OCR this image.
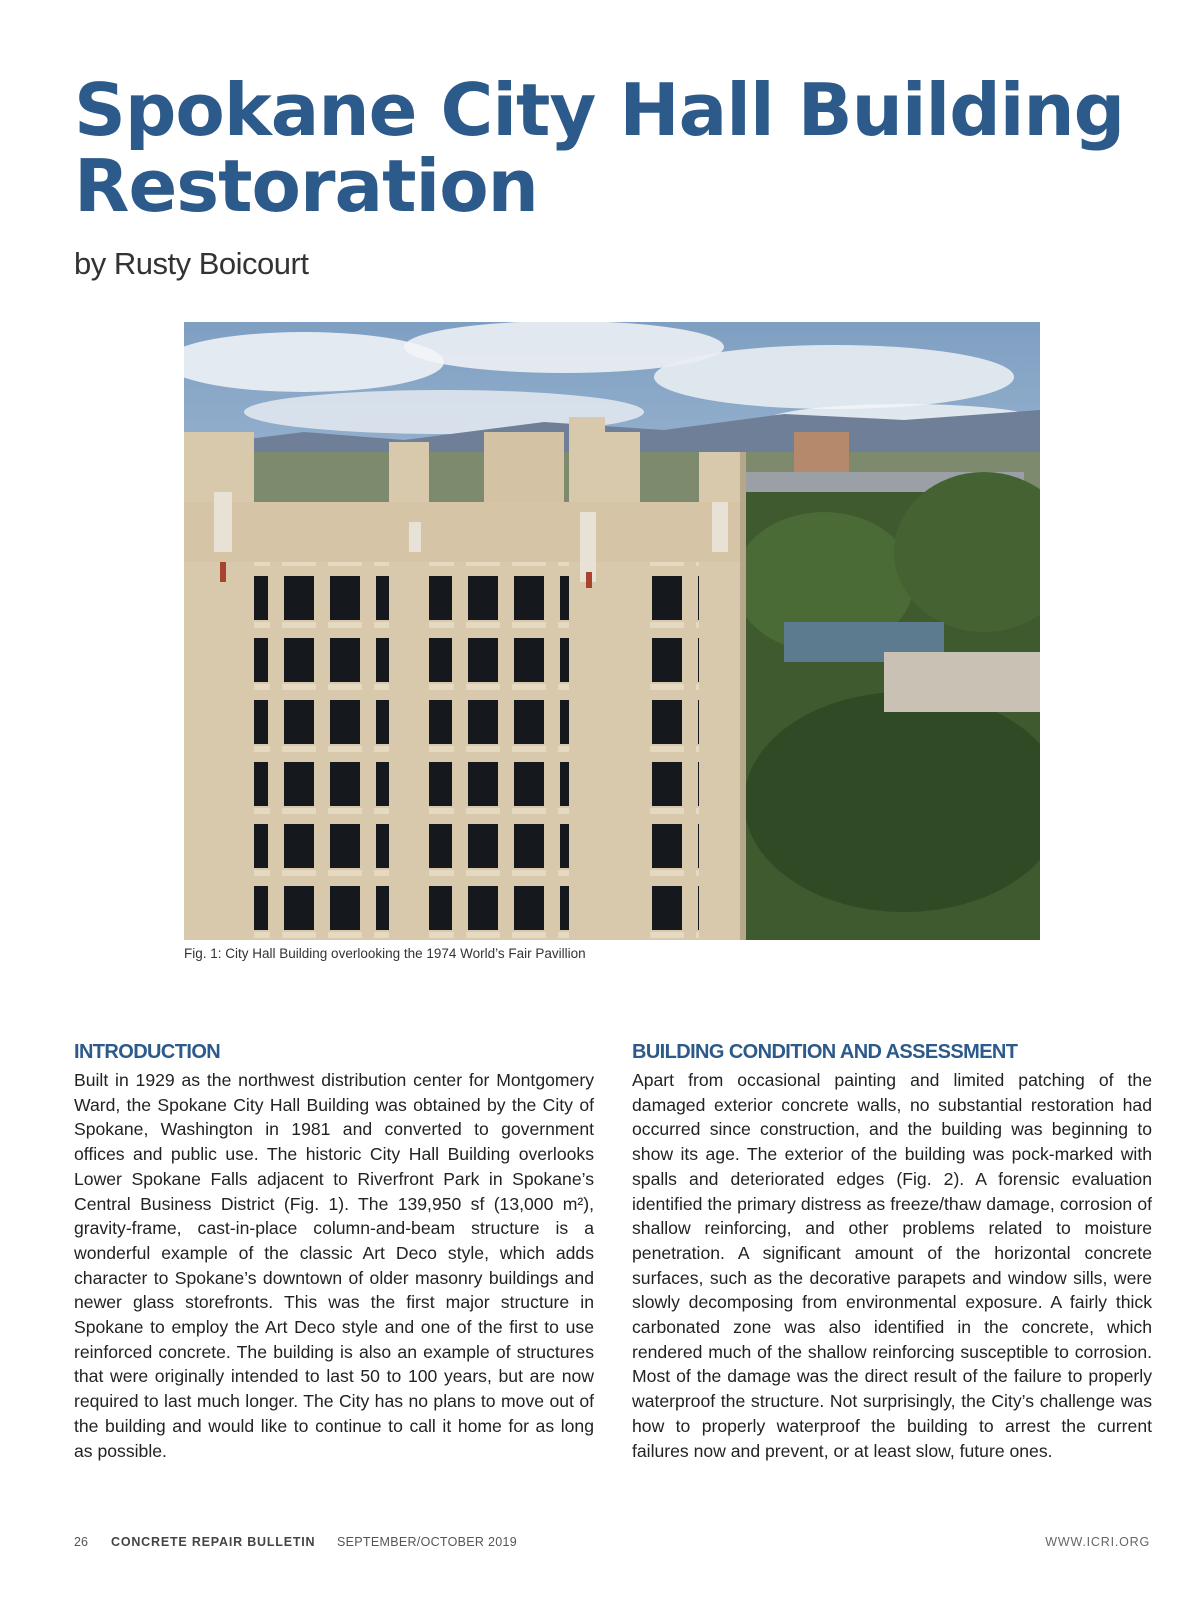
Spokane City Hall Building Restoration

by Rusty Boicourt

Fig. 1: City Hall Building overlooking the 1974 World’s Fair Pavillion

INTRODUCTION

Built in 1929 as the northwest distribution center for Montgomery Ward, the Spokane City Hall Building was obtained by the City of Spokane, Washington in 1981 and converted to government offices and public use. The historic City Hall Building overlooks Lower Spokane Falls adjacent to Riverfront Park in Spokane’s Central Business District (Fig. 1). The 139,950 sf (13,000 m²), gravity-frame, cast-in-place column-and-beam structure is a wonderful example of the classic Art Deco style, which adds character to Spokane’s downtown of older masonry buildings and newer glass storefronts. This was the first major structure in Spokane to employ the Art Deco style and one of the first to use reinforced concrete. The building is also an example of structures that were originally intended to last 50 to 100 years, but are now required to last much longer. The City has no plans to move out of the building and would like to continue to call it home for as long as possible.

BUILDING CONDITION AND ASSESSMENT

Apart from occasional painting and limited patching of the damaged exterior concrete walls, no substantial restoration had occurred since construction, and the building was beginning to show its age. The exterior of the building was pock-marked with spalls and deteriorated edges (Fig. 2). A forensic evaluation identified the primary distress as freeze/thaw damage, corrosion of shallow reinforcing, and other problems related to moisture penetration. A significant amount of the horizontal concrete surfaces, such as the decorative parapets and window sills, were slowly decomposing from environmental exposure. A fairly thick carbonated zone was also identified in the concrete, which rendered much of the shallow reinforcing susceptible to corrosion. Most of the damage was the direct result of the failure to properly waterproof the structure. Not surprisingly, the City’s challenge was how to properly waterproof the building to arrest the current failures now and prevent, or at least slow, future ones.

26 CONCRETE REPAIR BULLETIN SEPTEMBER/OCTOBER 2019	WWW.ICRI.ORG
